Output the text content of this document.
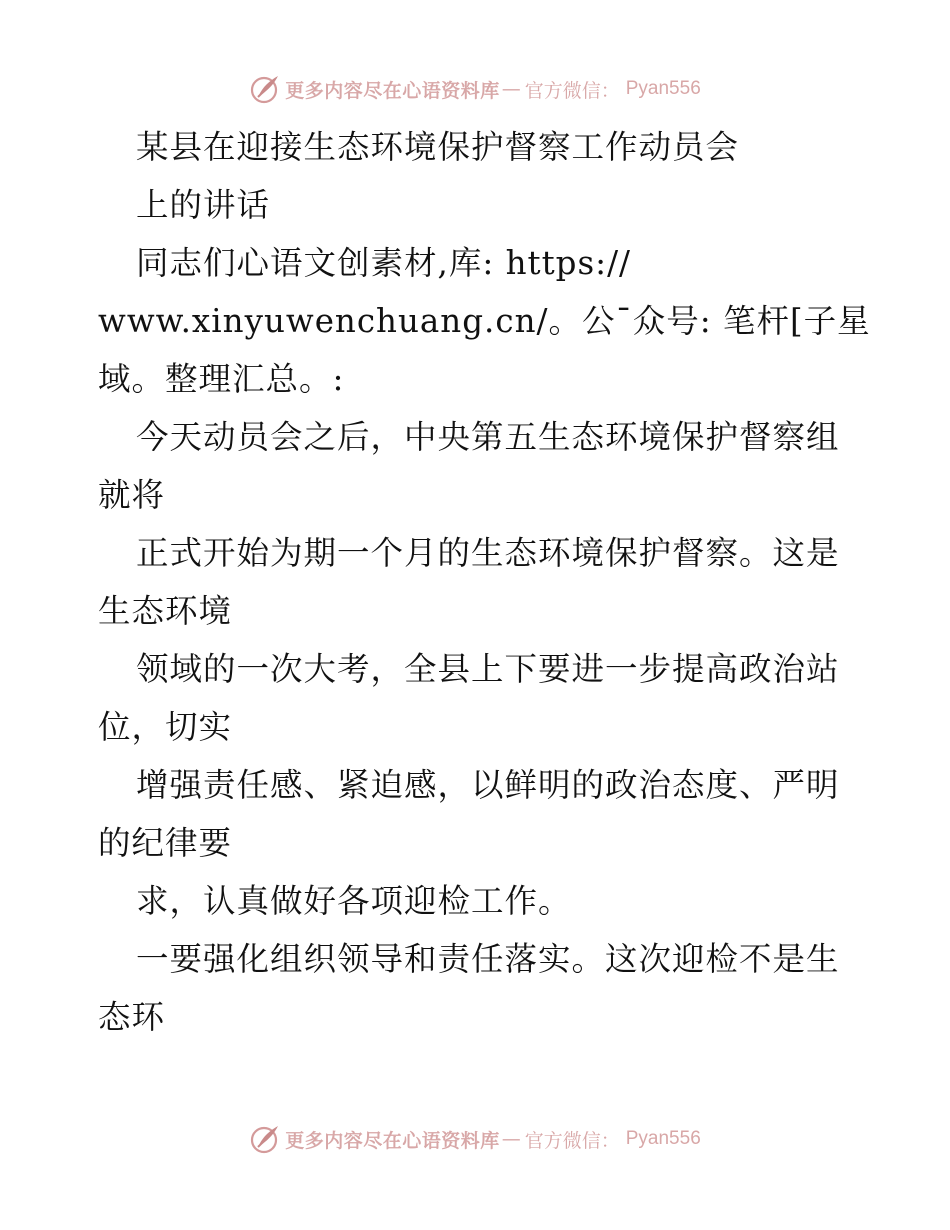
更多内容尽在心语资料库 — 官方微信： Pyan556
某县在迎接生态环境保护督察工作动员会
上的讲话
同志们心语文创素材,库: https://
www.xinyuwenchuang.cn/。公¯众号: 笔杆[子星
域。整理汇总。:
今天动员会之后，中央第五生态环境保护督察组
就将
正式开始为期一个月的生态环境保护督察。这是
生态环境
领域的一次大考，全县上下要进一步提高政治站
位，切实
增强责任感、紧迫感，以鲜明的政治态度、严明
的纪律要
求，认真做好各项迎检工作。
一要强化组织领导和责任落实。这次迎检不是生
态环
更多内容尽在心语资料库 — 官方微信： Pyan556
